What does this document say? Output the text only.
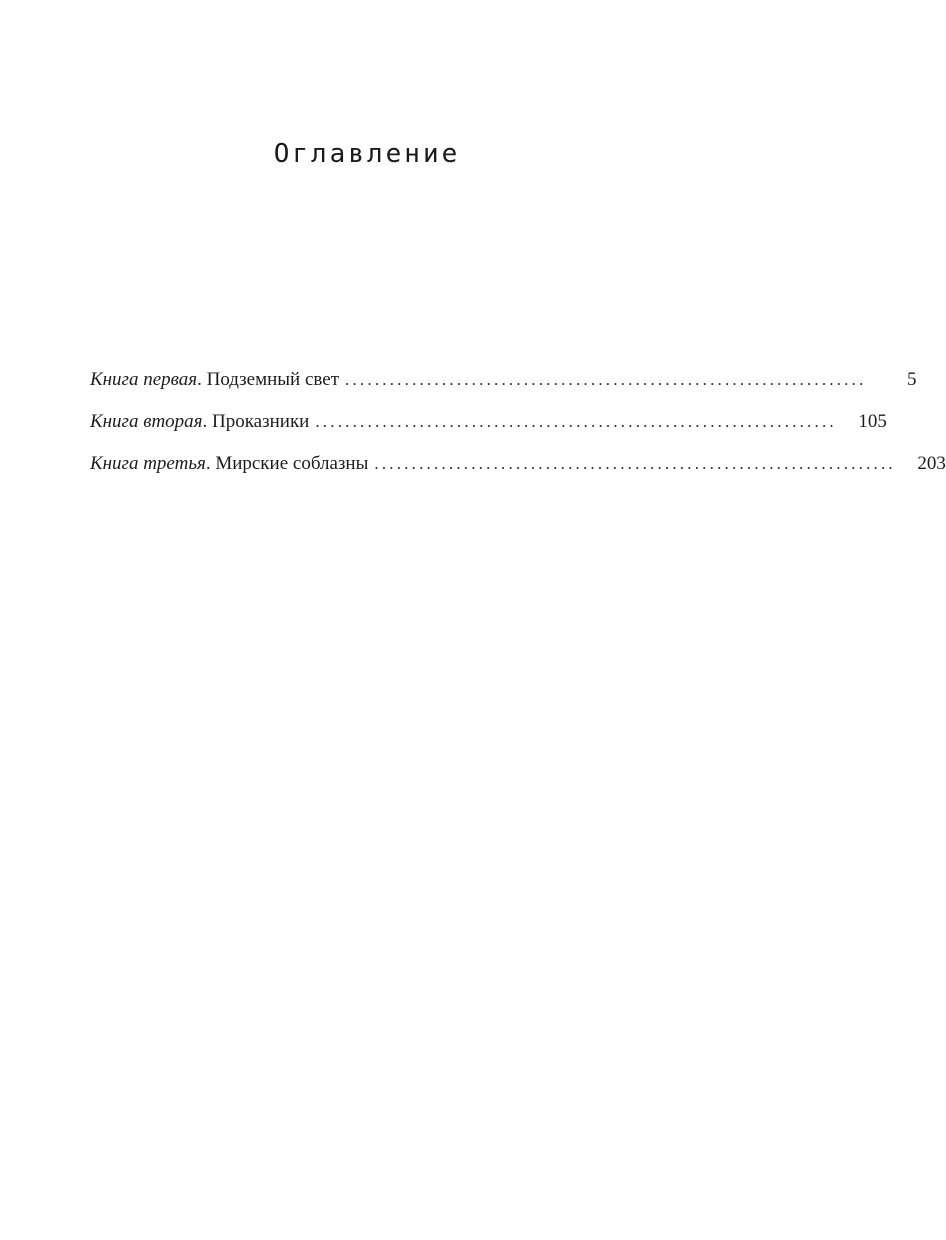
Оглавление
Книга первая . Подземный свет ......................................................................	5
Книга вторая . Проказники ......................................................................	105
Книга третья . Мирские соблазны ......................................................................	203
